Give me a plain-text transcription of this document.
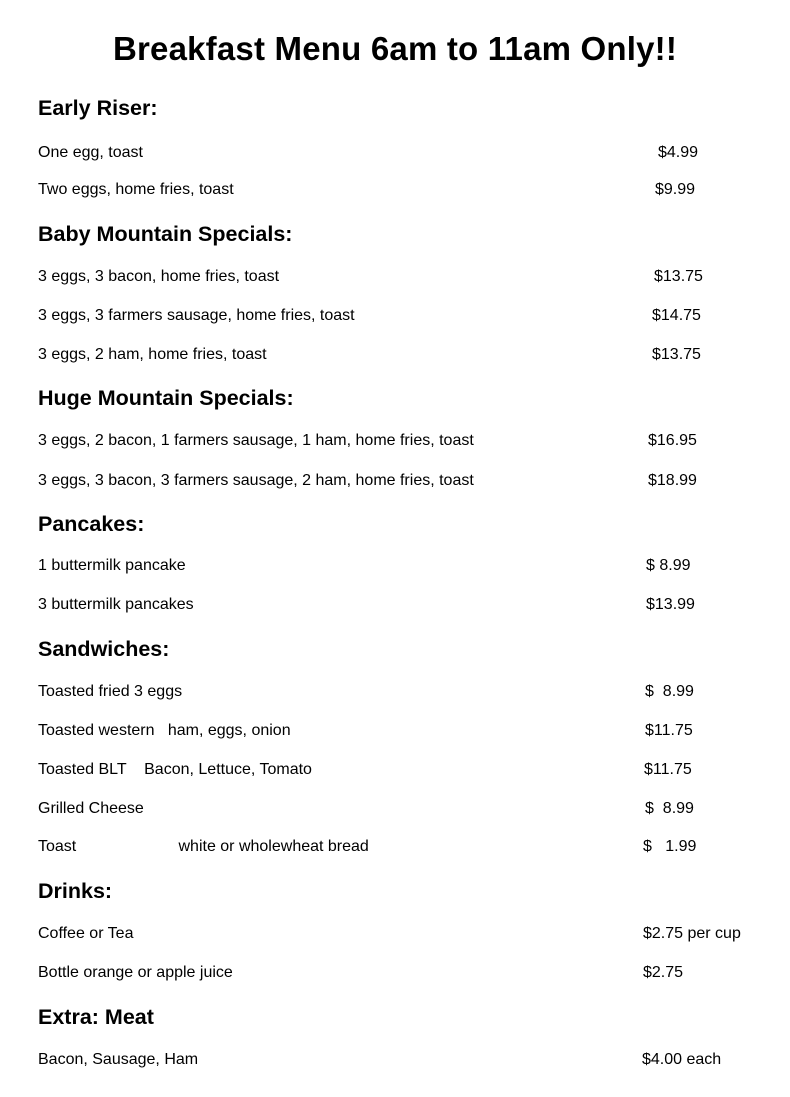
Breakfast Menu 6am to 11am Only!!
Early Riser:

One egg, toast	$4.99

Two eggs, home fries, toast	$9.99

Baby Mountain Specials:

3 eggs, 3 bacon, home fries, toast	$13.75

3 eggs, 3 farmers sausage, home fries, toast	$14.75

3 eggs, 2 ham, home fries, toast	$13.75

Huge Mountain Specials:

3 eggs, 2 bacon, 1 farmers sausage, 1 ham, home fries, toast	$16.95

3 eggs, 3 bacon, 3 farmers sausage, 2 ham, home fries, toast	$18.99

Pancakes:

1 buttermilk pancake	$ 8.99

3 buttermilk pancakes	$13.99

Sandwiches:

Toasted fried 3 eggs	$  8.99

Toasted western   ham, eggs, onion	$11.75

Toasted BLT    Bacon, Lettuce, Tomato	$11.75

Grilled Cheese	$  8.99

Toast                       white or wholewheat bread	$   1.99

Drinks:

Coffee or Tea	$2.75 per cup

Bottle orange or apple juice	$2.75

Extra: Meat

Bacon, Sausage, Ham	$4.00 each
